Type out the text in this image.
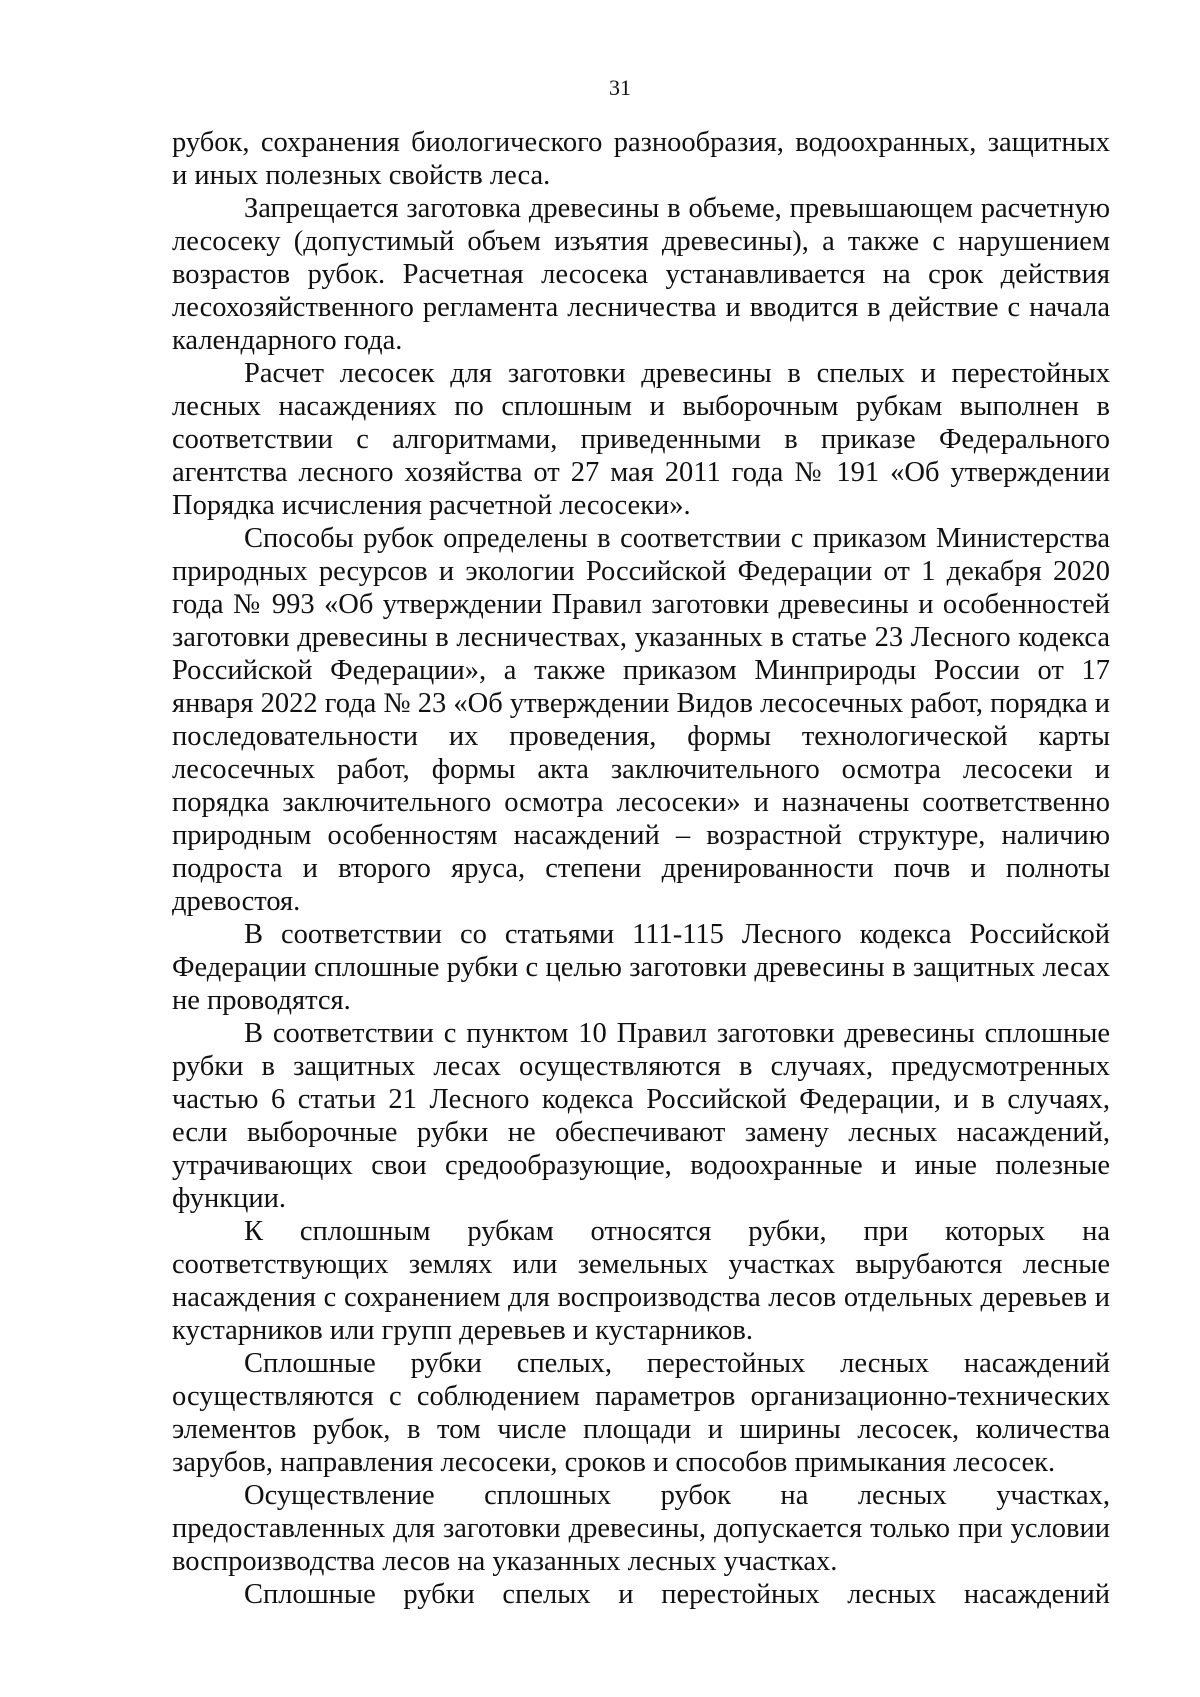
31

рубок, сохранения биологического разнообразия, водоохранных, защитных и иных полезных свойств леса.

Запрещается заготовка древесины в объеме, превышающем расчетную лесосеку (допустимый объем изъятия древесины), а также с нарушением возрастов рубок. Расчетная лесосека устанавливается на срок действия лесохозяйственного регламента лесничества и вводится в действие с начала календарного года.

Расчет лесосек для заготовки древесины в спелых и перестойных лесных насаждениях по сплошным и выборочным рубкам выполнен в соответствии с алгоритмами, приведенными в приказе Федерального агентства лесного хозяйства от 27 мая 2011 года № 191 «Об утверждении Порядка исчисления расчетной лесосеки».

Способы рубок определены в соответствии с приказом Министерства природных ресурсов и экологии Российской Федерации от 1 декабря 2020 года № 993 «Об утверждении Правил заготовки древесины и особенностей заготовки древесины в лесничествах, указанных в статье 23 Лесного кодекса Российской Федерации», а также приказом Минприроды России от 17 января 2022 года № 23 «Об утверждении Видов лесосечных работ, порядка и последовательности их проведения, формы технологической карты лесосечных работ, формы акта заключительного осмотра лесосеки и порядка заключительного осмотра лесосеки» и назначены соответственно природным особенностям насаждений – возрастной структуре, наличию подроста и второго яруса, степени дренированности почв и полноты древостоя.

В соответствии со статьями 111-115 Лесного кодекса Российской Федерации сплошные рубки с целью заготовки древесины в защитных лесах не проводятся.

В соответствии с пунктом 10 Правил заготовки древесины сплошные рубки в защитных лесах осуществляются в случаях, предусмотренных частью 6 статьи 21 Лесного кодекса Российской Федерации, и в случаях, если выборочные рубки не обеспечивают замену лесных насаждений, утрачивающих свои средообразующие, водоохранные и иные полезные функции.

К сплошным рубкам относятся рубки, при которых на соответствующих землях или земельных участках вырубаются лесные насаждения с сохранением для воспроизводства лесов отдельных деревьев и кустарников или групп деревьев и кустарников.

Сплошные рубки спелых, перестойных лесных насаждений осуществляются с соблюдением параметров организационно-технических элементов рубок, в том числе площади и ширины лесосек, количества зарубов, направления лесосеки, сроков и способов примыкания лесосек.

Осуществление сплошных рубок на лесных участках, предоставленных для заготовки древесины, допускается только при условии воспроизводства лесов на указанных лесных участках.

Сплошные рубки спелых и перестойных лесных насаждений
